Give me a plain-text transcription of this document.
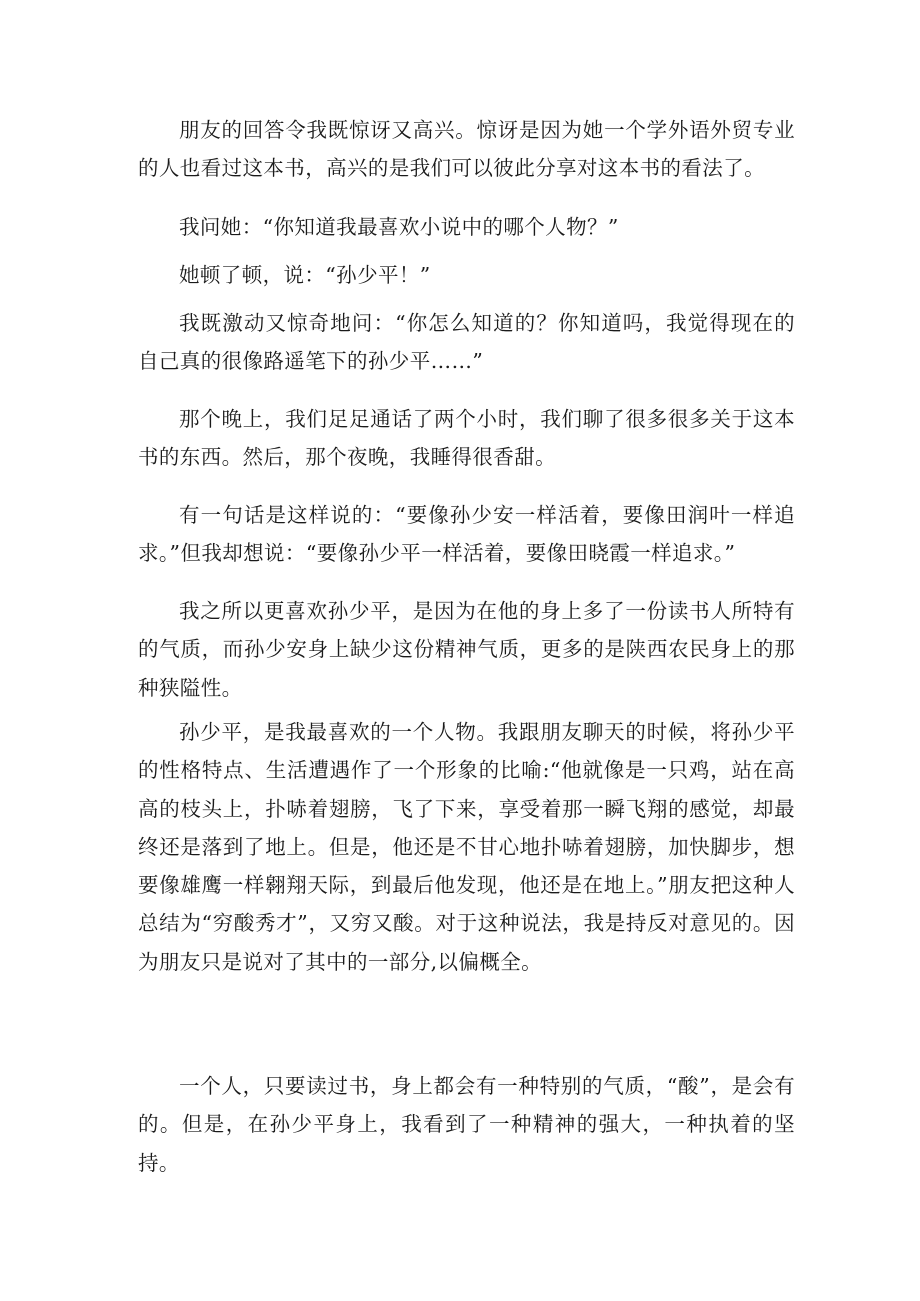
朋友的回答令我既惊讶又高兴。惊讶是因为她一个学外语外贸专业的人也看过这本书，高兴的是我们可以彼此分享对这本书的看法了。

我问她：“你知道我最喜欢小说中的哪个人物？”

她顿了顿，说：“孙少平！”

我既激动又惊奇地问：“你怎么知道的？你知道吗，我觉得现在的自己真的很像路遥笔下的孙少平……”

那个晚上，我们足足通话了两个小时，我们聊了很多很多关于这本书的东西。然后，那个夜晚，我睡得很香甜。

有一句话是这样说的：“要像孙少安一样活着，要像田润叶一样追求。”但我却想说：“要像孙少平一样活着，要像田晓霞一样追求。”

我之所以更喜欢孙少平，是因为在他的身上多了一份读书人所特有的气质，而孙少安身上缺少这份精神气质，更多的是陕西农民身上的那种狭隘性。

孙少平，是我最喜欢的一个人物。我跟朋友聊天的时候，将孙少平的性格特点、生活遭遇作了一个形象的比喻:“他就像是一只鸡，站在高高的枝头上，扑哧着翅膀，飞了下来，享受着那一瞬飞翔的感觉，却最终还是落到了地上。但是，他还是不甘心地扑哧着翅膀，加快脚步，想要像雄鹰一样翱翔天际，到最后他发现，他还是在地上。”朋友把这种人总结为“穷酸秀才”，又穷又酸。对于这种说法，我是持反对意见的。因为朋友只是说对了其中的一部分,以偏概全。

一个人，只要读过书，身上都会有一种特别的气质，“酸”，是会有的。但是，在孙少平身上，我看到了一种精神的强大，一种执着的坚持。
